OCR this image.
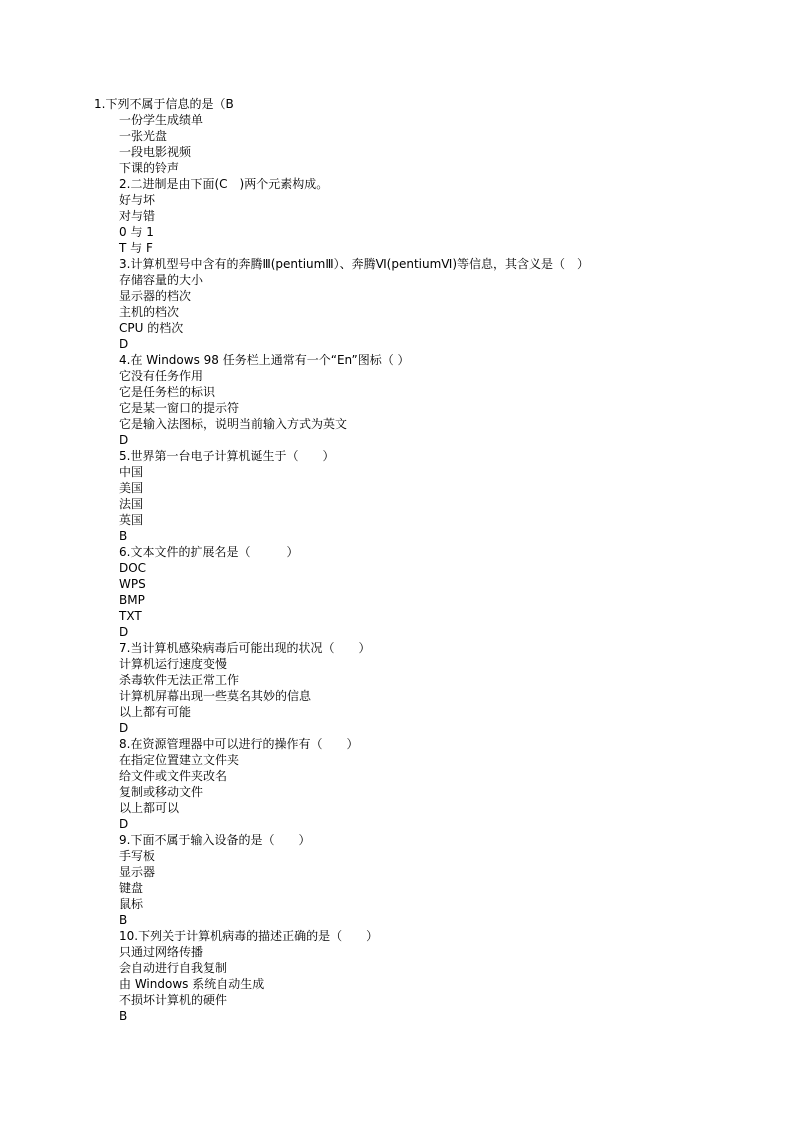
1.下列不属于信息的是（B
一份学生成绩单
一张光盘
一段电影视频
下课的铃声
2.二进制是由下面(C　)两个元素构成。
好与坏
对与错
0 与 1
T 与 F
3.计算机型号中含有的奔腾Ⅲ(pentiumⅢ）、奔腾Ⅵ(pentiumⅥ)等信息，其含义是（　）
存储容量的大小
显示器的档次
主机的档次
CPU 的档次
D
4.在 Windows 98 任务栏上通常有一个“En”图标（ ）
它没有任务作用
它是任务栏的标识
它是某一窗口的提示符
它是输入法图标，说明当前输入方式为英文
D
5.世界第一台电子计算机诞生于（　　）
中国
美国
法国
英国
B
6.文本文件的扩展名是（　　　）
DOC
WPS
BMP
TXT
D
7.当计算机感染病毒后可能出现的状况（　　）
计算机运行速度变慢
杀毒软件无法正常工作
计算机屏幕出现一些莫名其妙的信息
以上都有可能
D
8.在资源管理器中可以进行的操作有（　　）
在指定位置建立文件夹
给文件或文件夹改名
复制或移动文件
以上都可以
D
9.下面不属于输入设备的是（　　）
手写板
显示器
键盘
鼠标
B
10.下列关于计算机病毒的描述正确的是（　　）
只通过网络传播
会自动进行自我复制
由 Windows 系统自动生成
不损坏计算机的硬件
B
